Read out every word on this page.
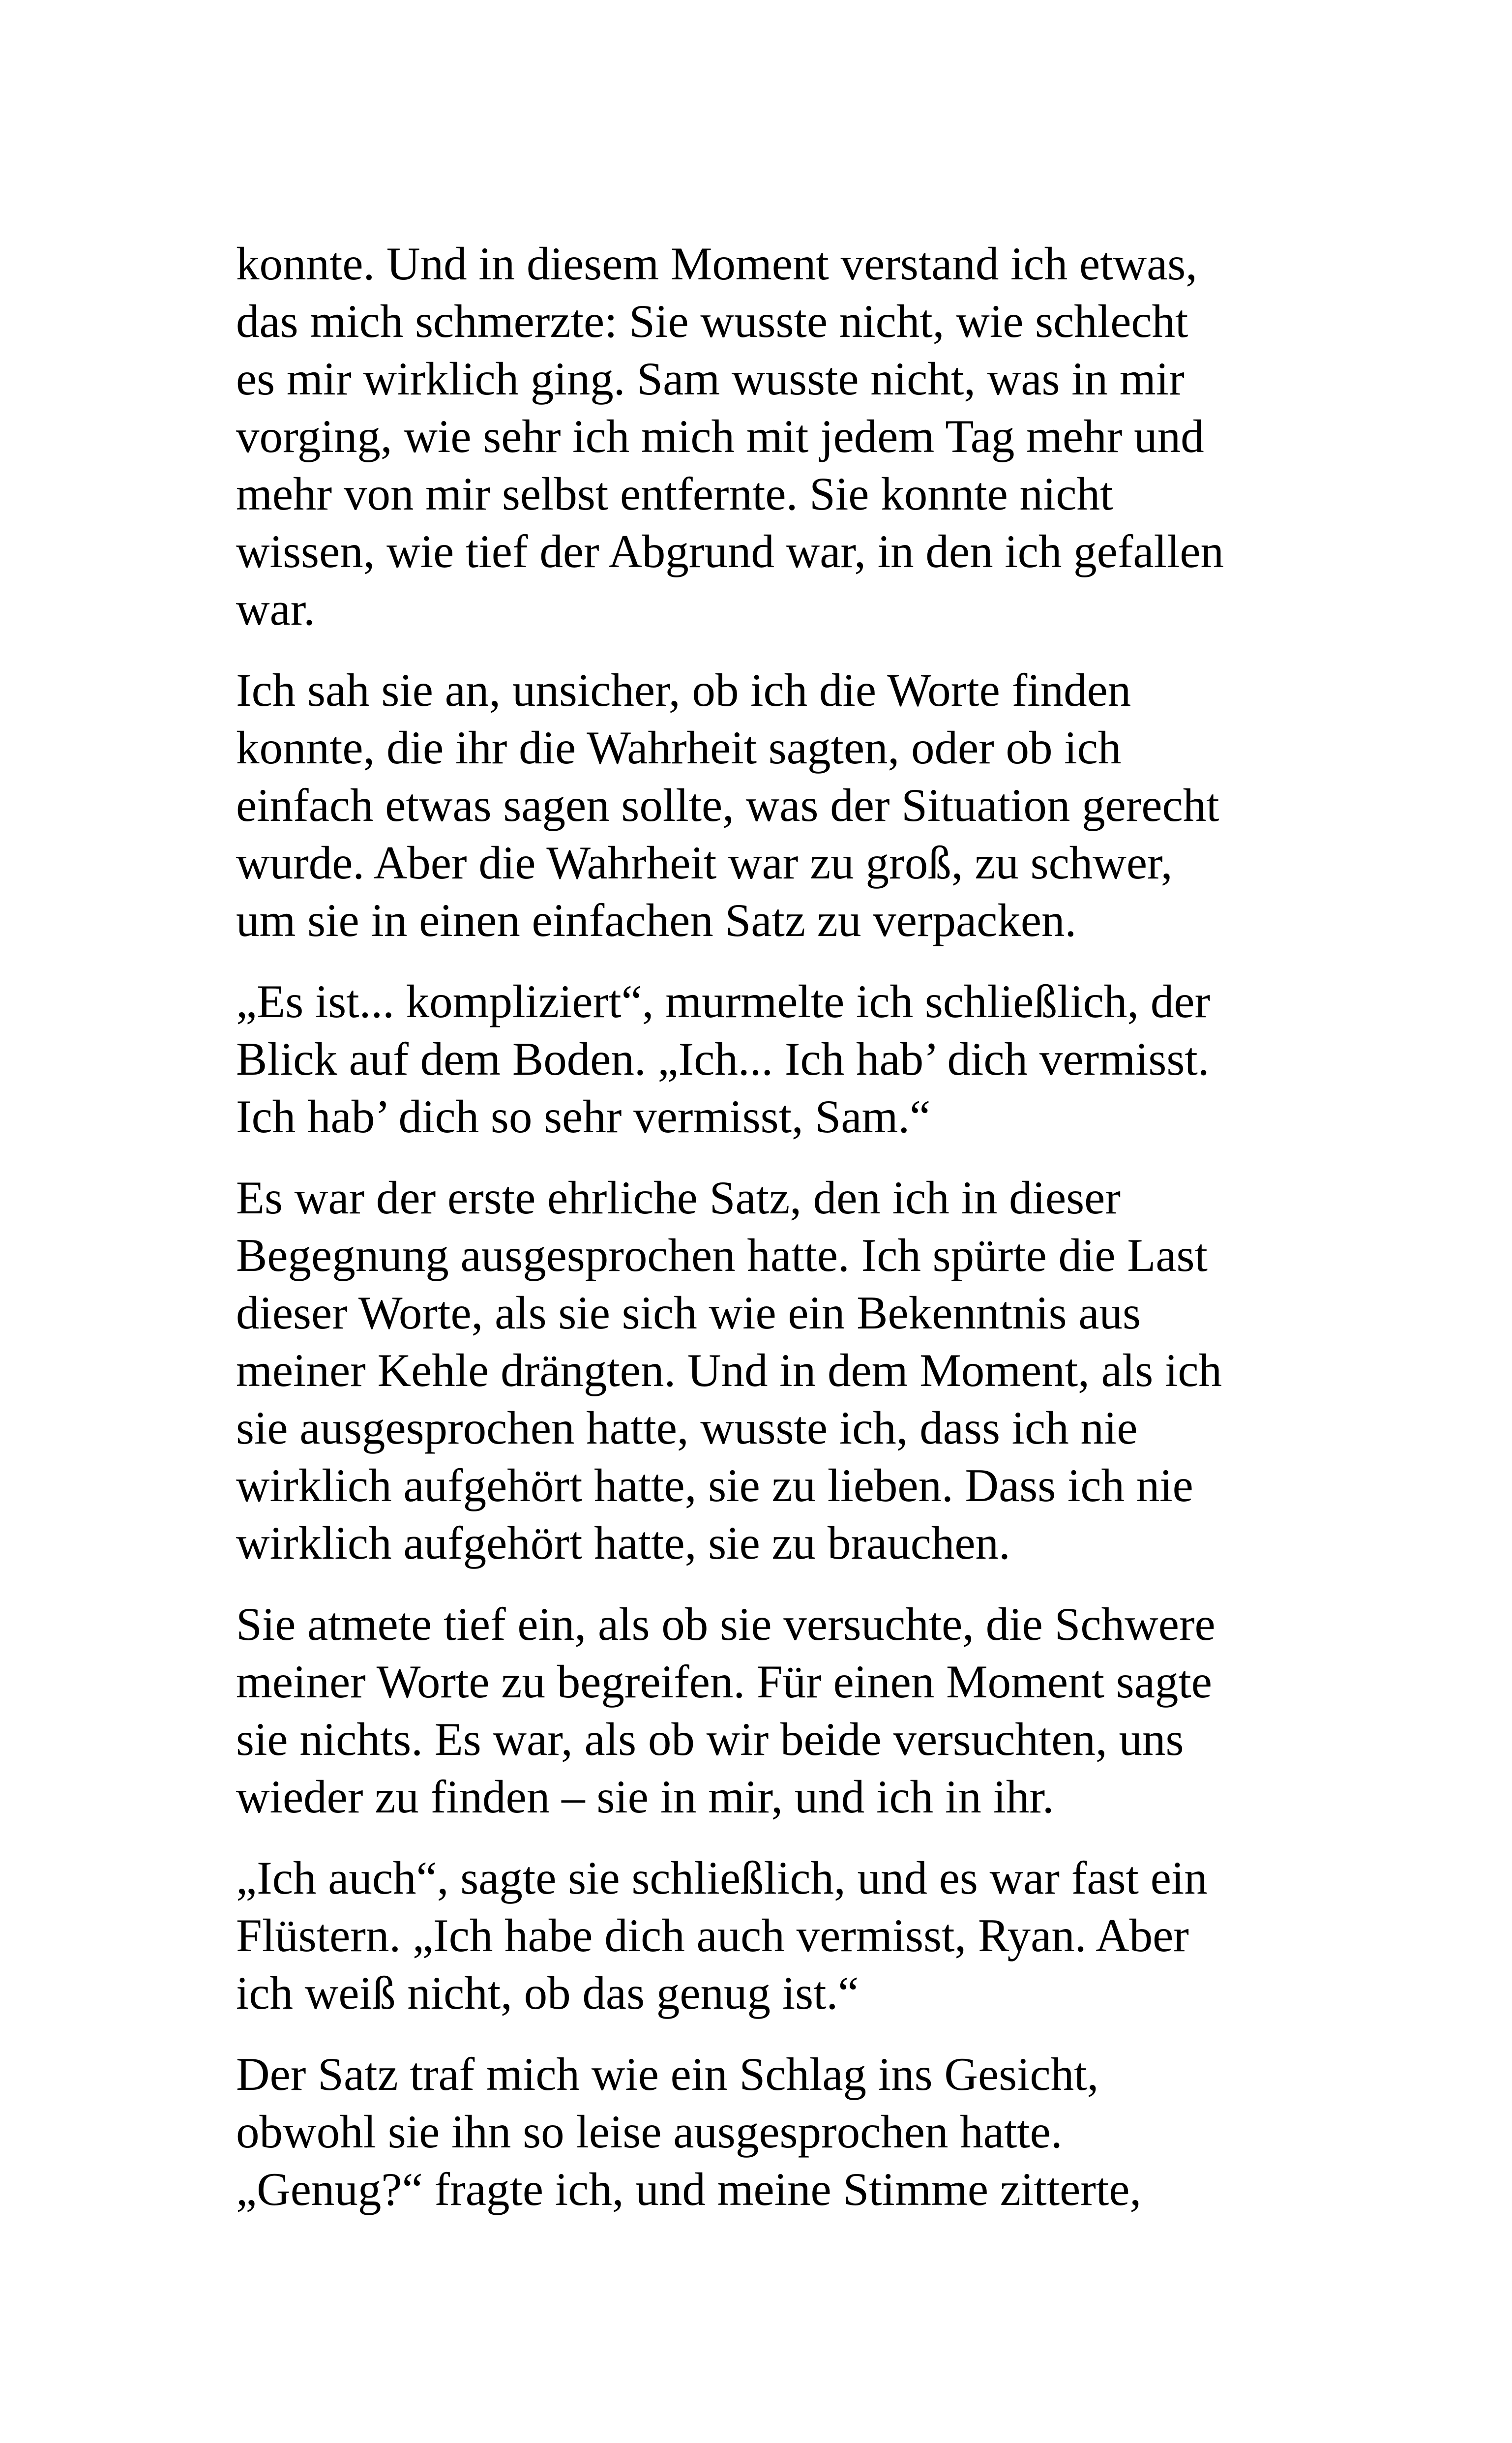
konnte. Und in diesem Moment verstand ich etwas,
das mich schmerzte: Sie wusste nicht, wie schlecht
es mir wirklich ging. Sam wusste nicht, was in mir
vorging, wie sehr ich mich mit jedem Tag mehr und
mehr von mir selbst entfernte. Sie konnte nicht
wissen, wie tief der Abgrund war, in den ich gefallen
war.
Ich sah sie an, unsicher, ob ich die Worte finden
konnte, die ihr die Wahrheit sagten, oder ob ich
einfach etwas sagen sollte, was der Situation gerecht
wurde. Aber die Wahrheit war zu groß, zu schwer,
um sie in einen einfachen Satz zu verpacken.
„Es ist... kompliziert“, murmelte ich schließlich, der
Blick auf dem Boden. „Ich... Ich hab’ dich vermisst.
Ich hab’ dich so sehr vermisst, Sam.“
Es war der erste ehrliche Satz, den ich in dieser
Begegnung ausgesprochen hatte. Ich spürte die Last
dieser Worte, als sie sich wie ein Bekenntnis aus
meiner Kehle drängten. Und in dem Moment, als ich
sie ausgesprochen hatte, wusste ich, dass ich nie
wirklich aufgehört hatte, sie zu lieben. Dass ich nie
wirklich aufgehört hatte, sie zu brauchen.
Sie atmete tief ein, als ob sie versuchte, die Schwere
meiner Worte zu begreifen. Für einen Moment sagte
sie nichts. Es war, als ob wir beide versuchten, uns
wieder zu finden – sie in mir, und ich in ihr.
„Ich auch“, sagte sie schließlich, und es war fast ein
Flüstern. „Ich habe dich auch vermisst, Ryan. Aber
ich weiß nicht, ob das genug ist.“
Der Satz traf mich wie ein Schlag ins Gesicht,
obwohl sie ihn so leise ausgesprochen hatte.
„Genug?“ fragte ich, und meine Stimme zitterte,
